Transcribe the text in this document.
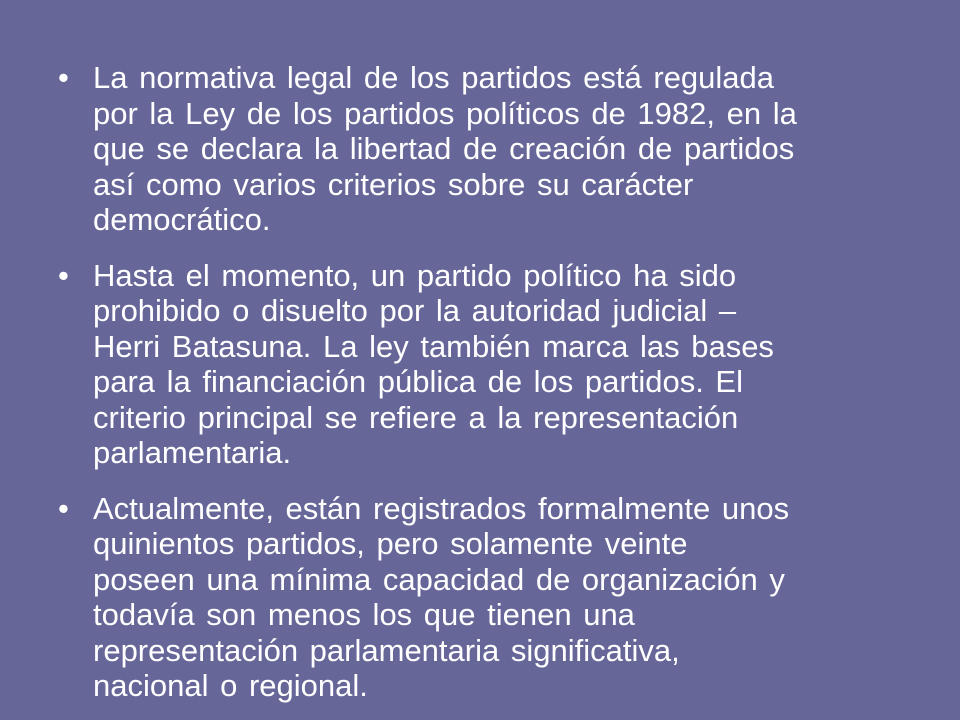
• La normativa legal de los partidos está regulada
por la Ley de los partidos políticos de 1982, en la
que se declara la libertad de creación de partidos
así como varios criterios sobre su carácter
democrático.
• Hasta el momento, un partido político ha sido
prohibido o disuelto por la autoridad judicial –
Herri Batasuna. La ley también marca las bases
para la financiación pública de los partidos. El
criterio principal se refiere a la representación
parlamentaria.
• Actualmente, están registrados formalmente unos
quinientos partidos, pero solamente veinte
poseen una mínima capacidad de organización y
todavía son menos los que tienen una
representación parlamentaria significativa,
nacional o regional.
